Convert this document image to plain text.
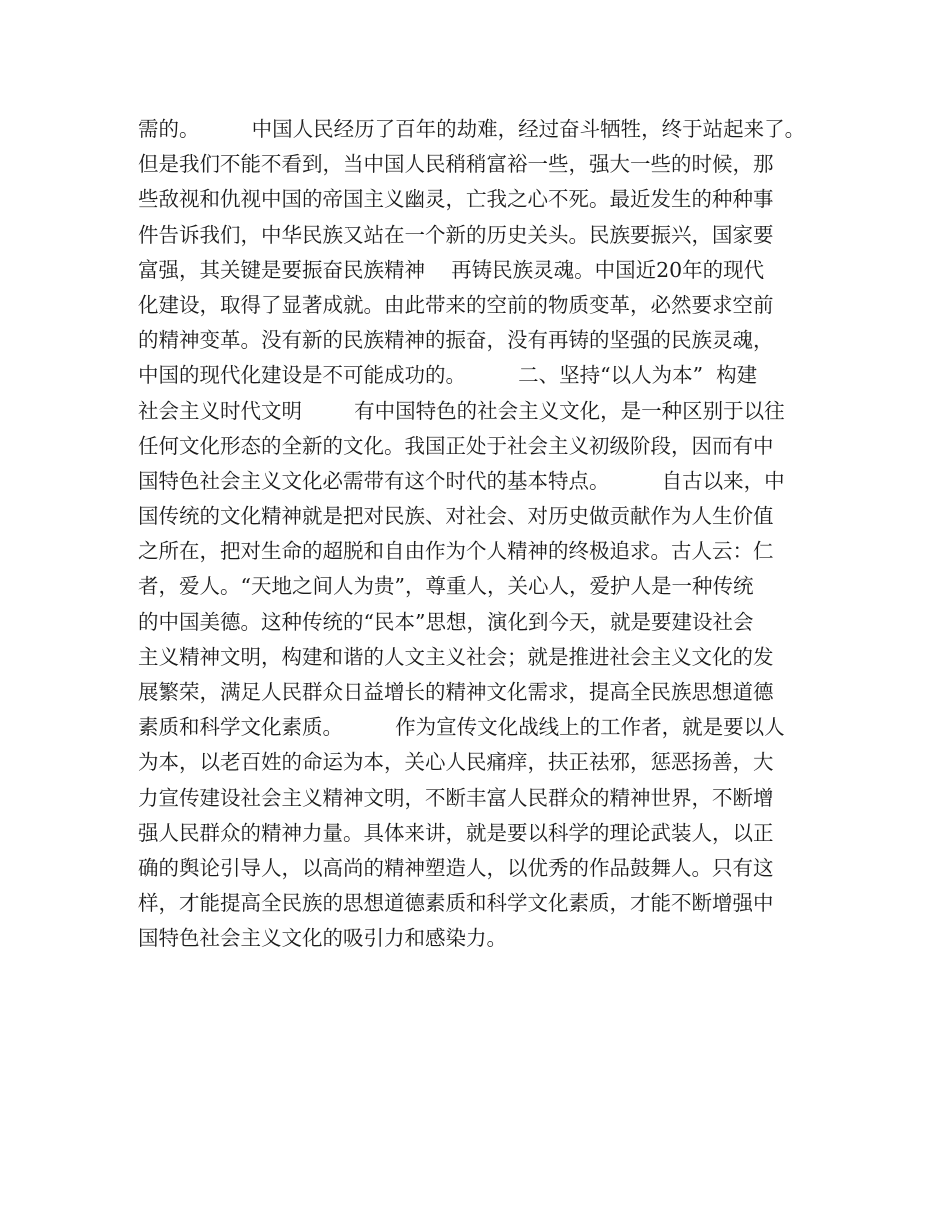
需的。        中国人民经历了百年的劫难，经过奋斗牺牲，终于站起来了。
但是我们不能不看到，当中国人民稍稍富裕一些，强大一些的时候，那
些敌视和仇视中国的帝国主义幽灵，亡我之心不死。最近发生的种种事
件告诉我们，中华民族又站在一个新的历史关头。民族要振兴，国家要
富强，其关键是要振奋民族精神    再铸民族灵魂。中国近20年的现代
化建设，取得了显著成就。由此带来的空前的物质变革，必然要求空前
的精神变革。没有新的民族精神的振奋，没有再铸的坚强的民族灵魂，
中国的现代化建设是不可能成功的。        二、坚持“以人为本”  构建
社会主义时代文明        有中国特色的社会主义文化，是一种区别于以往
任何文化形态的全新的文化。我国正处于社会主义初级阶段，因而有中
国特色社会主义文化必需带有这个时代的基本特点。        自古以来，中
国传统的文化精神就是把对民族、对社会、对历史做贡献作为人生价值
之所在，把对生命的超脱和自由作为个人精神的终极追求。古人云：仁
者，爱人。“天地之间人为贵”，尊重人，关心人，爱护人是一种传统
的中国美德。这种传统的“民本”思想，演化到今天，就是要建设社会
主义精神文明，构建和谐的人文主义社会；就是推进社会主义文化的发
展繁荣，满足人民群众日益增长的精神文化需求，提高全民族思想道德
素质和科学文化素质。        作为宣传文化战线上的工作者，就是要以人
为本，以老百姓的命运为本，关心人民痛痒，扶正祛邪，惩恶扬善，大
力宣传建设社会主义精神文明，不断丰富人民群众的精神世界，不断增
强人民群众的精神力量。具体来讲，就是要以科学的理论武装人，以正
确的舆论引导人，以高尚的精神塑造人，以优秀的作品鼓舞人。只有这
样，才能提高全民族的思想道德素质和科学文化素质，才能不断增强中
国特色社会主义文化的吸引力和感染力。
